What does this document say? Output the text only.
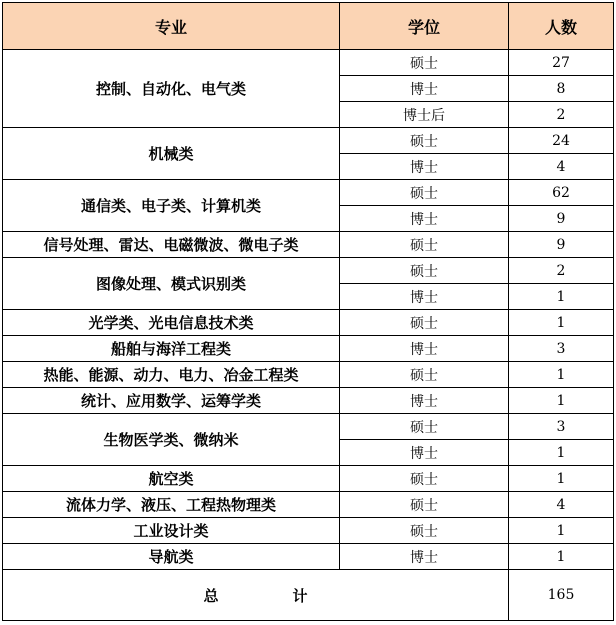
专业	学位	人数
控制、自动化、电气类	硕士	27
	博士	8
	博士后	2
机械类	硕士	24
	博士	4
通信类、电子类、计算机类	硕士	62
	博士	9
信号处理、雷达、电磁微波、微电子类	硕士	9
图像处理、模式识别类	硕士	2
	博士	1
光学类、光电信息技术类	硕士	1
船舶与海洋工程类	博士	3
热能、能源、动力、电力、冶金工程类	硕士	1
统计、应用数学、运筹学类	博士	1
生物医学类、微纳米	硕士	3
	博士	1
航空类	硕士	1
流体力学、液压、工程热物理类	硕士	4
工业设计类	硕士	1
导航类	博士	1
总 计		165
